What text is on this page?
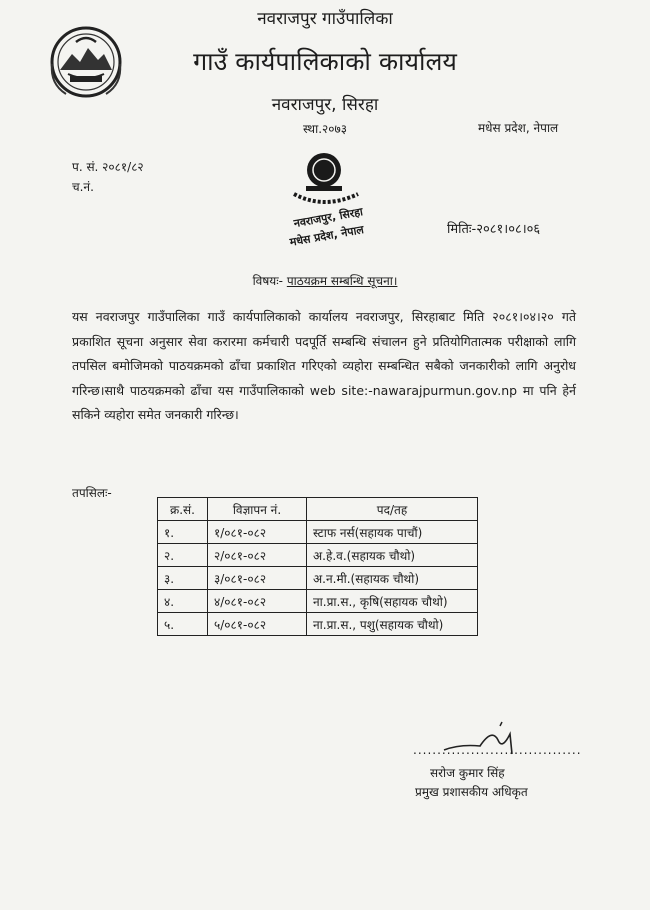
नवराजपुर गाउँपालिका
गाउँ कार्यपालिकाको कार्यालय
नवराजपुर, सिरहा
स्था.२०७३	मधेस प्रदेश, नेपाल
प. सं. २०८१/८२
च.नं.
नवराजपुर, सिरहा
मधेस प्रदेश, नेपाल	मितिः-२०८१।०८।०६
विषयः- पाठयक्रम सम्बन्धि सूचना।

यस नवराजपुर गाउँपालिका गाउँ कार्यपालिकाको कार्यालय नवराजपुर, सिरहाबाट मिति २०८१।०४।२० गते प्रकाशित सूचना अनुसार सेवा करारमा कर्मचारी पदपूर्ति सम्बन्धि संचालन हुने प्रतियोगितात्मक परीक्षाको लागि तपसिल बमोजिमको पाठयक्रमको ढाँचा प्रकाशित गरिएको व्यहोरा सम्बन्धित सबैको जनकारीको लागि अनुरोध गरिन्छ।साथै पाठयक्रमको ढाँचा यस गाउँपालिकाको web site:-nawarajpurmun.gov.np मा पनि हेर्न सकिने व्यहोरा समेत जनकारी गरिन्छ।

तपसिलः-
क्र.सं.	विज्ञापन नं.	पद/तह
१.	१/०८१-०८२	स्टाफ नर्स(सहायक पाचौं)
२.	२/०८१-०८२	अ.हे.व.(सहायक चौथो)
३.	३/०८१-०८२	अ.न.मी.(सहायक चौथो)
४.	४/०८१-०८२	ना.प्रा.स., कृषि(सहायक चौथो)
५.	५/०८१-०८२	ना.प्रा.स., पशु(सहायक चौथो)
...................................
सरोज कुमार सिंह
प्रमुख प्रशासकीय अधिकृत
